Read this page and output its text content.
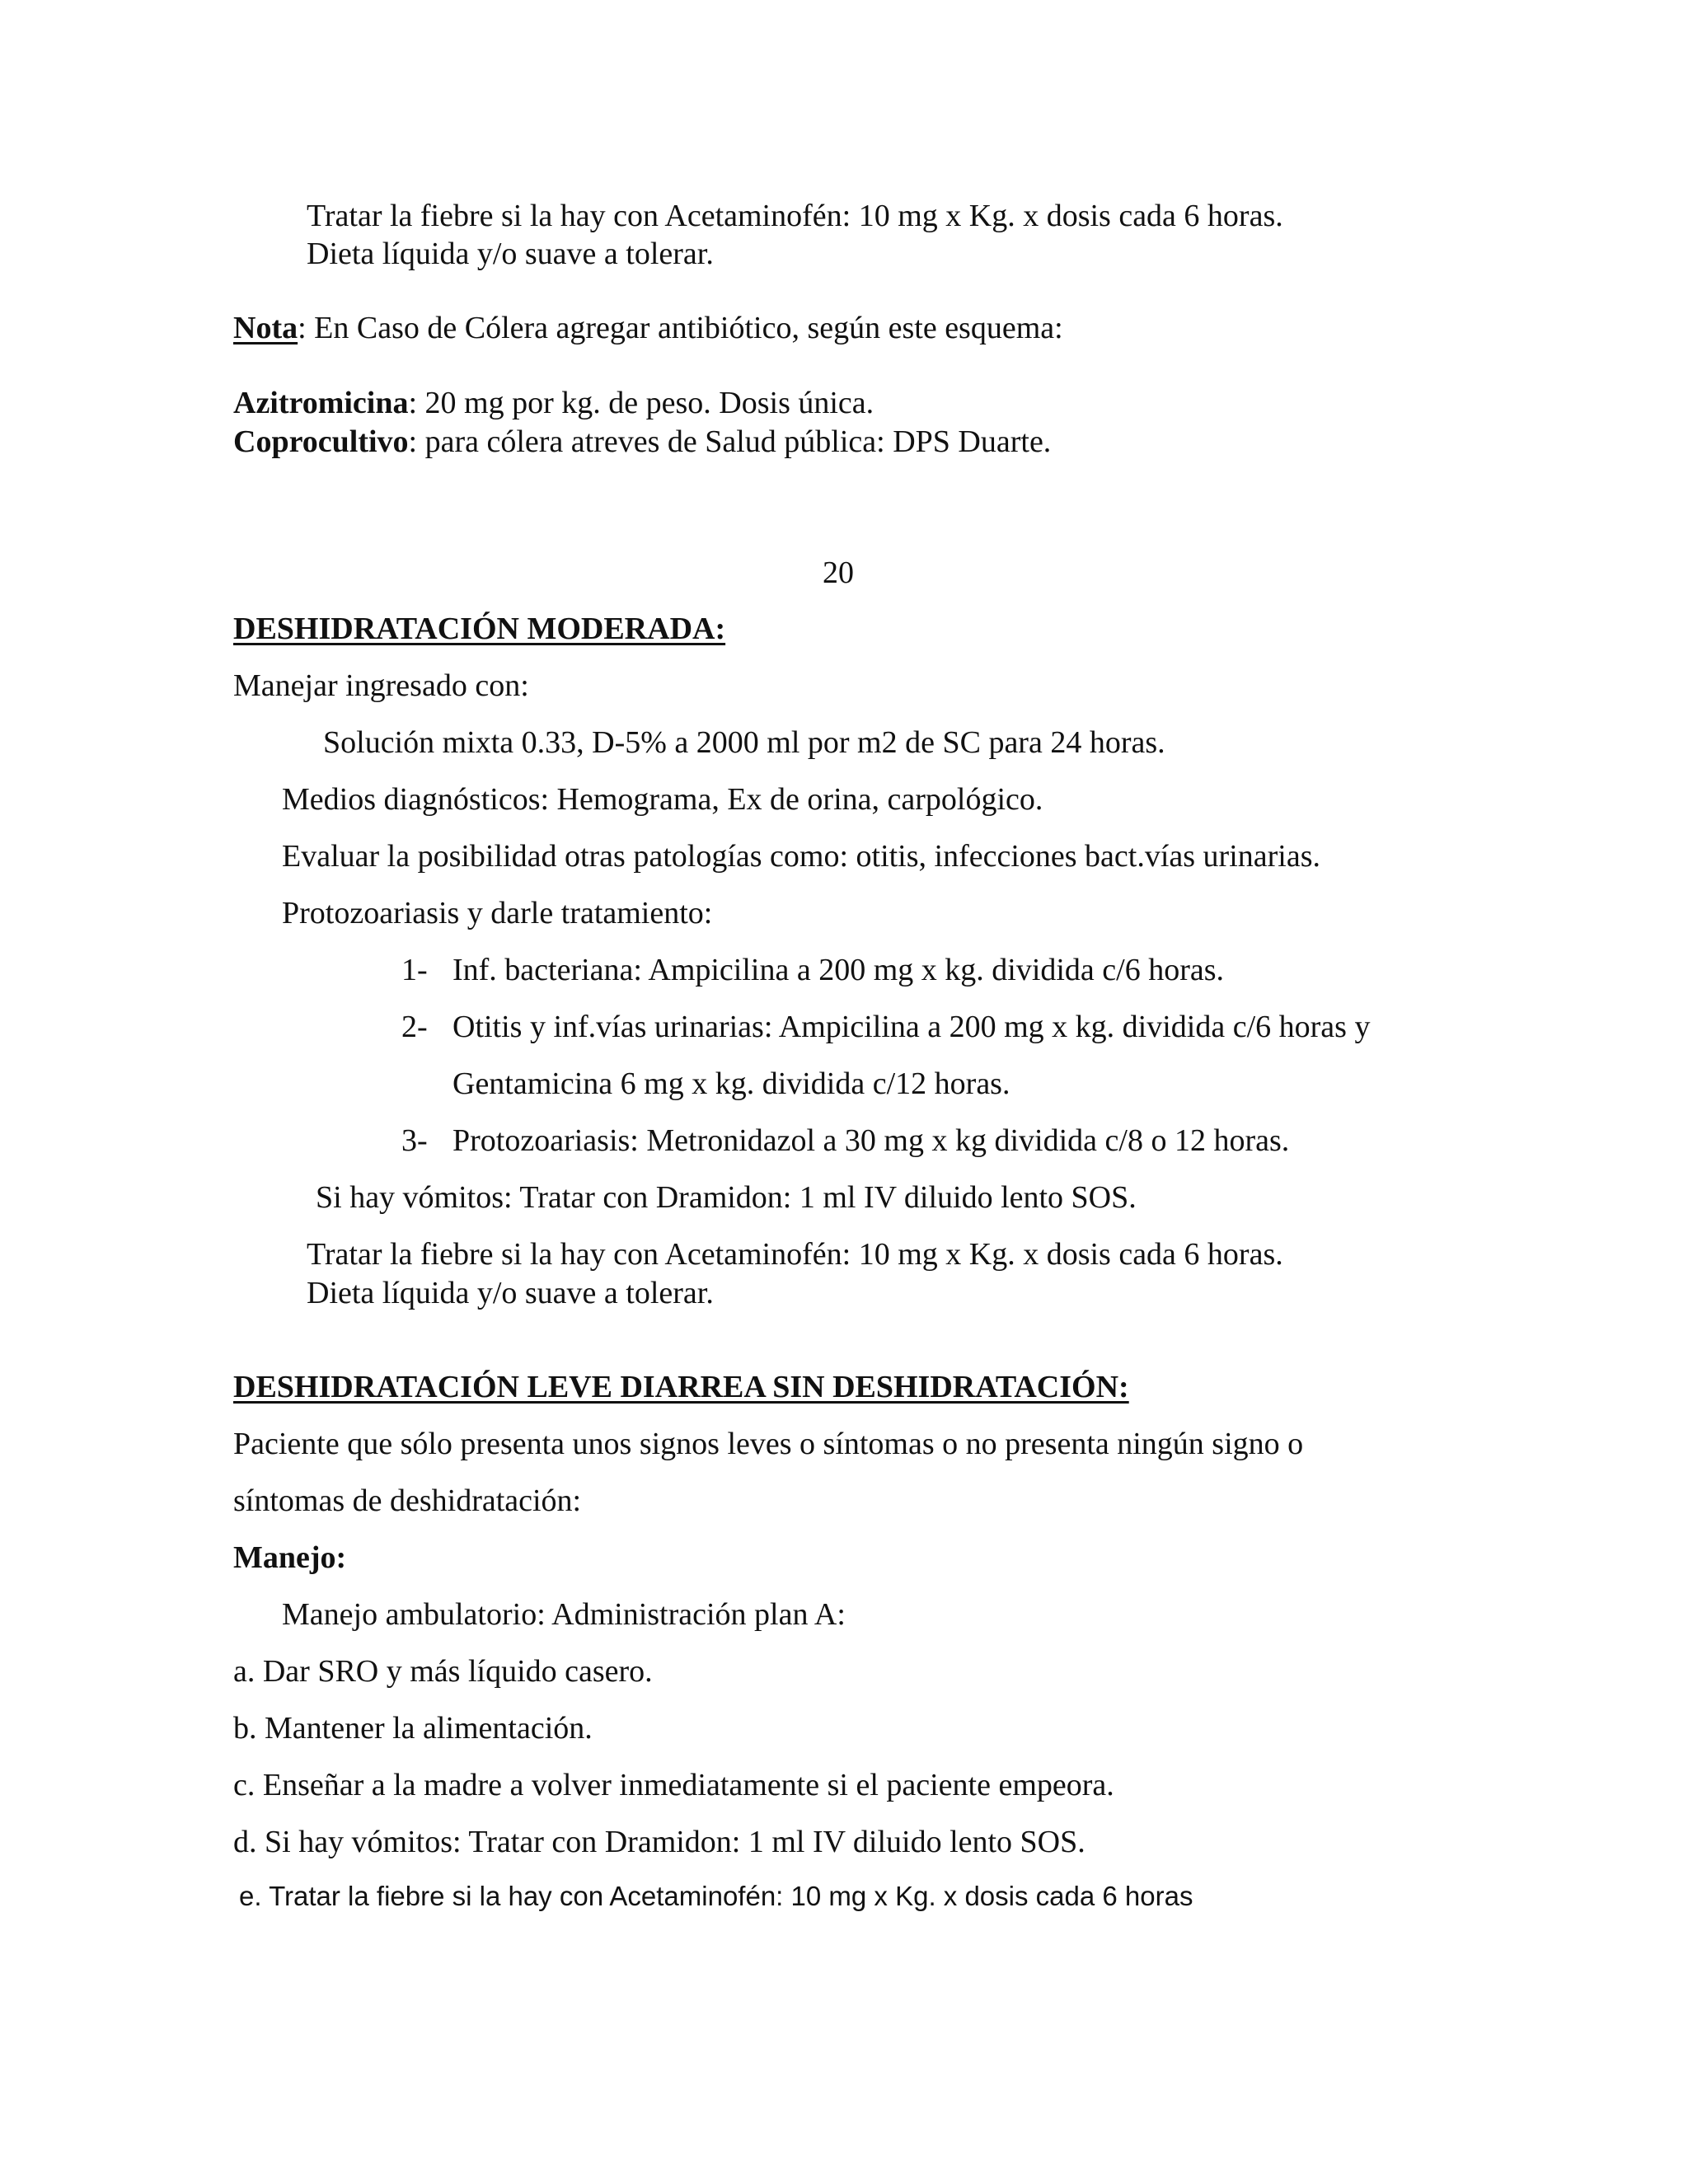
Tratar la fiebre si la hay con Acetaminofén: 10 mg x Kg. x dosis cada 6 horas.
Dieta líquida y/o suave a tolerar.
Nota: En Caso de Cólera agregar antibiótico, según este esquema:
Azitromicina: 20 mg por kg. de peso. Dosis única.
Coprocultivo: para cólera atreves de Salud pública: DPS Duarte.
20
DESHIDRATACIÓN MODERADA:
Manejar ingresado con:
Solución mixta 0.33, D-5% a 2000 ml por m2 de SC para 24 horas.
Medios diagnósticos: Hemograma, Ex de orina, carpológico.
Evaluar la posibilidad otras patologías como: otitis, infecciones bact.vías urinarias.
Protozoariasis y darle tratamiento:
1- Inf. bacteriana: Ampicilina a 200 mg x kg. dividida c/6 horas.
2- Otitis y inf.vías urinarias: Ampicilina a 200 mg x kg. dividida c/6 horas y
Gentamicina 6 mg x kg. dividida c/12 horas.
3- Protozoariasis: Metronidazol a 30 mg x kg dividida c/8 o 12 horas.
Si hay vómitos: Tratar con Dramidon: 1 ml IV diluido lento SOS.
Tratar la fiebre si la hay con Acetaminofén: 10 mg x Kg. x dosis cada 6 horas.
Dieta líquida y/o suave a tolerar.
DESHIDRATACIÓN LEVE DIARREA SIN DESHIDRATACIÓN:
Paciente que sólo presenta unos signos leves o síntomas o no presenta ningún signo o
síntomas de deshidratación:
Manejo:
Manejo ambulatorio: Administración plan A:
a. Dar SRO y más líquido casero.
b. Mantener la alimentación.
c. Enseñar a la madre a volver inmediatamente si el paciente empeora.
d. Si hay vómitos: Tratar con Dramidon: 1 ml IV diluido lento SOS.
e. Tratar la fiebre si la hay con Acetaminofén: 10 mg x Kg. x dosis cada 6 horas
